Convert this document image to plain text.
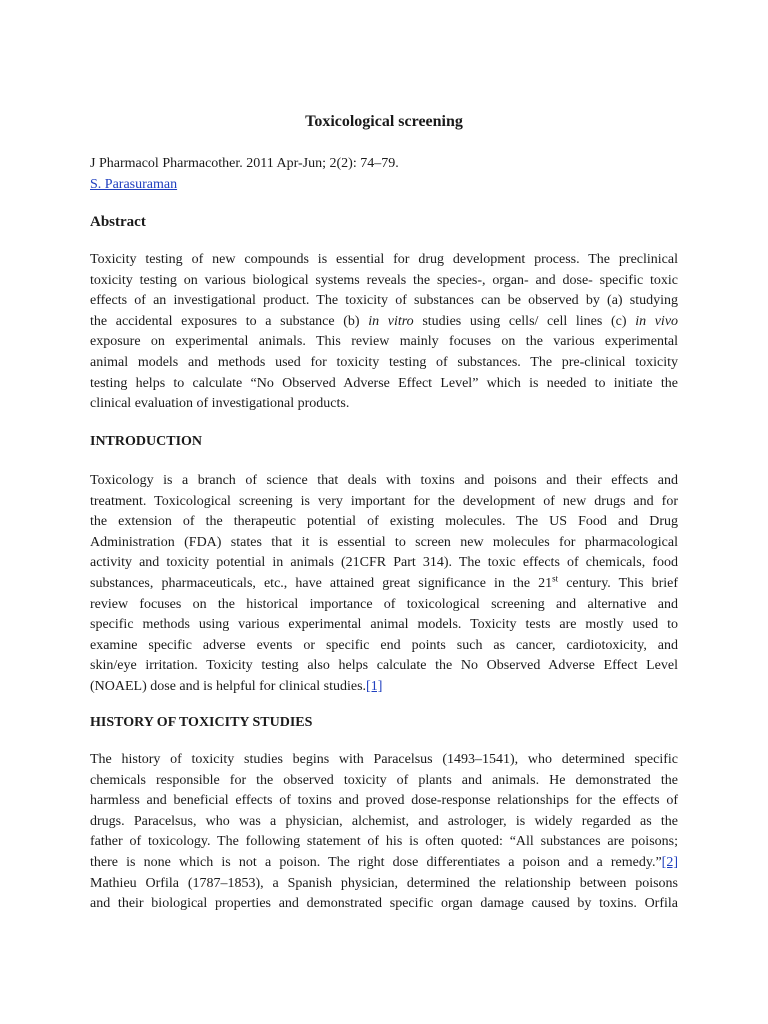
Toxicological screening
J Pharmacol Pharmacother. 2011 Apr-Jun; 2(2): 74–79.
S. Parasuraman
Abstract
Toxicity testing of new compounds is essential for drug development process. The preclinical
toxicity testing on various biological systems reveals the species-, organ- and dose- specific toxic
effects of an investigational product. The toxicity of substances can be observed by (a) studying
the accidental exposures to a substance (b) in vitro studies using cells/ cell lines (c) in vivo
exposure on experimental animals. This review mainly focuses on the various experimental
animal models and methods used for toxicity testing of substances. The pre-clinical toxicity
testing helps to calculate “No Observed Adverse Effect Level” which is needed to initiate the
clinical evaluation of investigational products.
INTRODUCTION
Toxicology is a branch of science that deals with toxins and poisons and their effects and
treatment. Toxicological screening is very important for the development of new drugs and for
the extension of the therapeutic potential of existing molecules. The US Food and Drug
Administration (FDA) states that it is essential to screen new molecules for pharmacological
activity and toxicity potential in animals (21CFR Part 314). The toxic effects of chemicals, food
substances, pharmaceuticals, etc., have attained great significance in the 21st century. This brief
review focuses on the historical importance of toxicological screening and alternative and
specific methods using various experimental animal models. Toxicity tests are mostly used to
examine specific adverse events or specific end points such as cancer, cardiotoxicity, and
skin/eye irritation. Toxicity testing also helps calculate the No Observed Adverse Effect Level
(NOAEL) dose and is helpful for clinical studies.[1]
HISTORY OF TOXICITY STUDIES
The history of toxicity studies begins with Paracelsus (1493–1541), who determined specific
chemicals responsible for the observed toxicity of plants and animals. He demonstrated the
harmless and beneficial effects of toxins and proved dose-response relationships for the effects of
drugs. Paracelsus, who was a physician, alchemist, and astrologer, is widely regarded as the
father of toxicology. The following statement of his is often quoted: “All substances are poisons;
there is none which is not a poison. The right dose differentiates a poison and a remedy.”[2]
Mathieu Orfila (1787–1853), a Spanish physician, determined the relationship between poisons
and their biological properties and demonstrated specific organ damage caused by toxins. Orfila
